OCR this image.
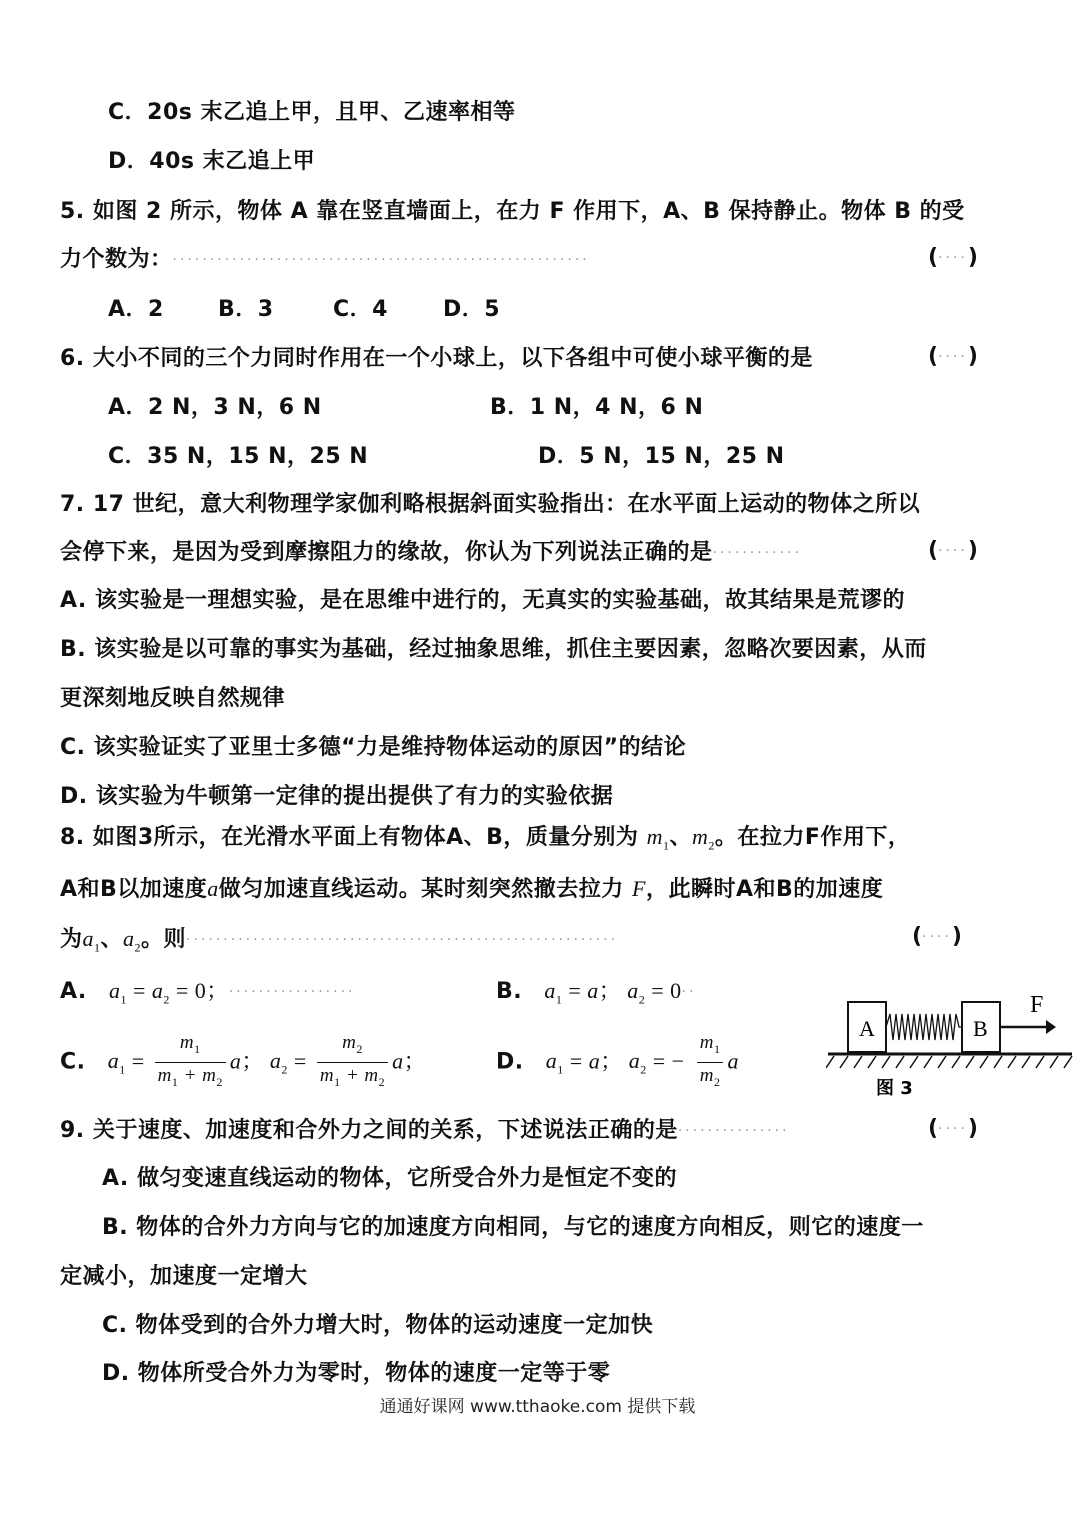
C．20s 末乙追上甲，且甲、乙速率相等
D．40s 末乙追上甲
5. 如图 2 所示，物体 A 靠在竖直墙面上，在力 F 作用下，A、B 保持静止。物体 B 的受
力个数为：························································	(····)
A．2 B．3	C．4	D．5
6. 大小不同的三个力同时作用在一个小球上，以下各组中可使小球平衡的是	(····)
A．2 N，3 N，6 N	B．1 N，4 N，6 N
C．35 N，15 N，25 N	D．5 N，15 N，25 N
7. 17 世纪，意大利物理学家伽利略根据斜面实验指出：在水平面上运动的物体之所以
会停下来，是因为受到摩擦阻力的缘故，你认为下列说法正确的是············	(····)
A. 该实验是一理想实验，是在思维中进行的，无真实的实验基础，故其结果是荒谬的
B. 该实验是以可靠的事实为基础，经过抽象思维，抓住主要因素，忽略次要因素，从而
更深刻地反映自然规律
C. 该实验证实了亚里士多德“力是维持物体运动的原因”的结论
D. 该实验为牛顿第一定律的提出提供了有力的实验依据
8. 如图3所示，在光滑水平面上有物体A、B，质量分别为 $m_1$、$m_2$。在拉力F作用下，
A和B以加速度a做匀加速直线运动。某时刻突然撤去拉力 F，此瞬时A和B的加速度
为$a_1$、$a_2$。则··························································	(····)
A. $a_1 = a_2 = 0$；·················	B. $a_1 = a$； $a_2 = 0\cdot\cdot$
C. $a_1 = \frac{m_1}{m_1 + m_2}$ a； $a_2 = \frac{m_2}{m_1 + m_2}$ a；	D. $a_1 = a$； $a_2$ = − $\frac{m_1}{m_2}$ a
A	B
F
图 3
9. 关于速度、加速度和合外力之间的关系，下述说法正确的是···············	(····)
A. 做匀变速直线运动的物体，它所受合外力是恒定不变的
B. 物体的合外力方向与它的加速度方向相同，与它的速度方向相反，则它的速度一
定减小，加速度一定增大
C. 物体受到的合外力增大时，物体的运动速度一定加快
D. 物体所受合外力为零时，物体的速度一定等于零
通通好课网 www.tthaoke.com 提供下载
